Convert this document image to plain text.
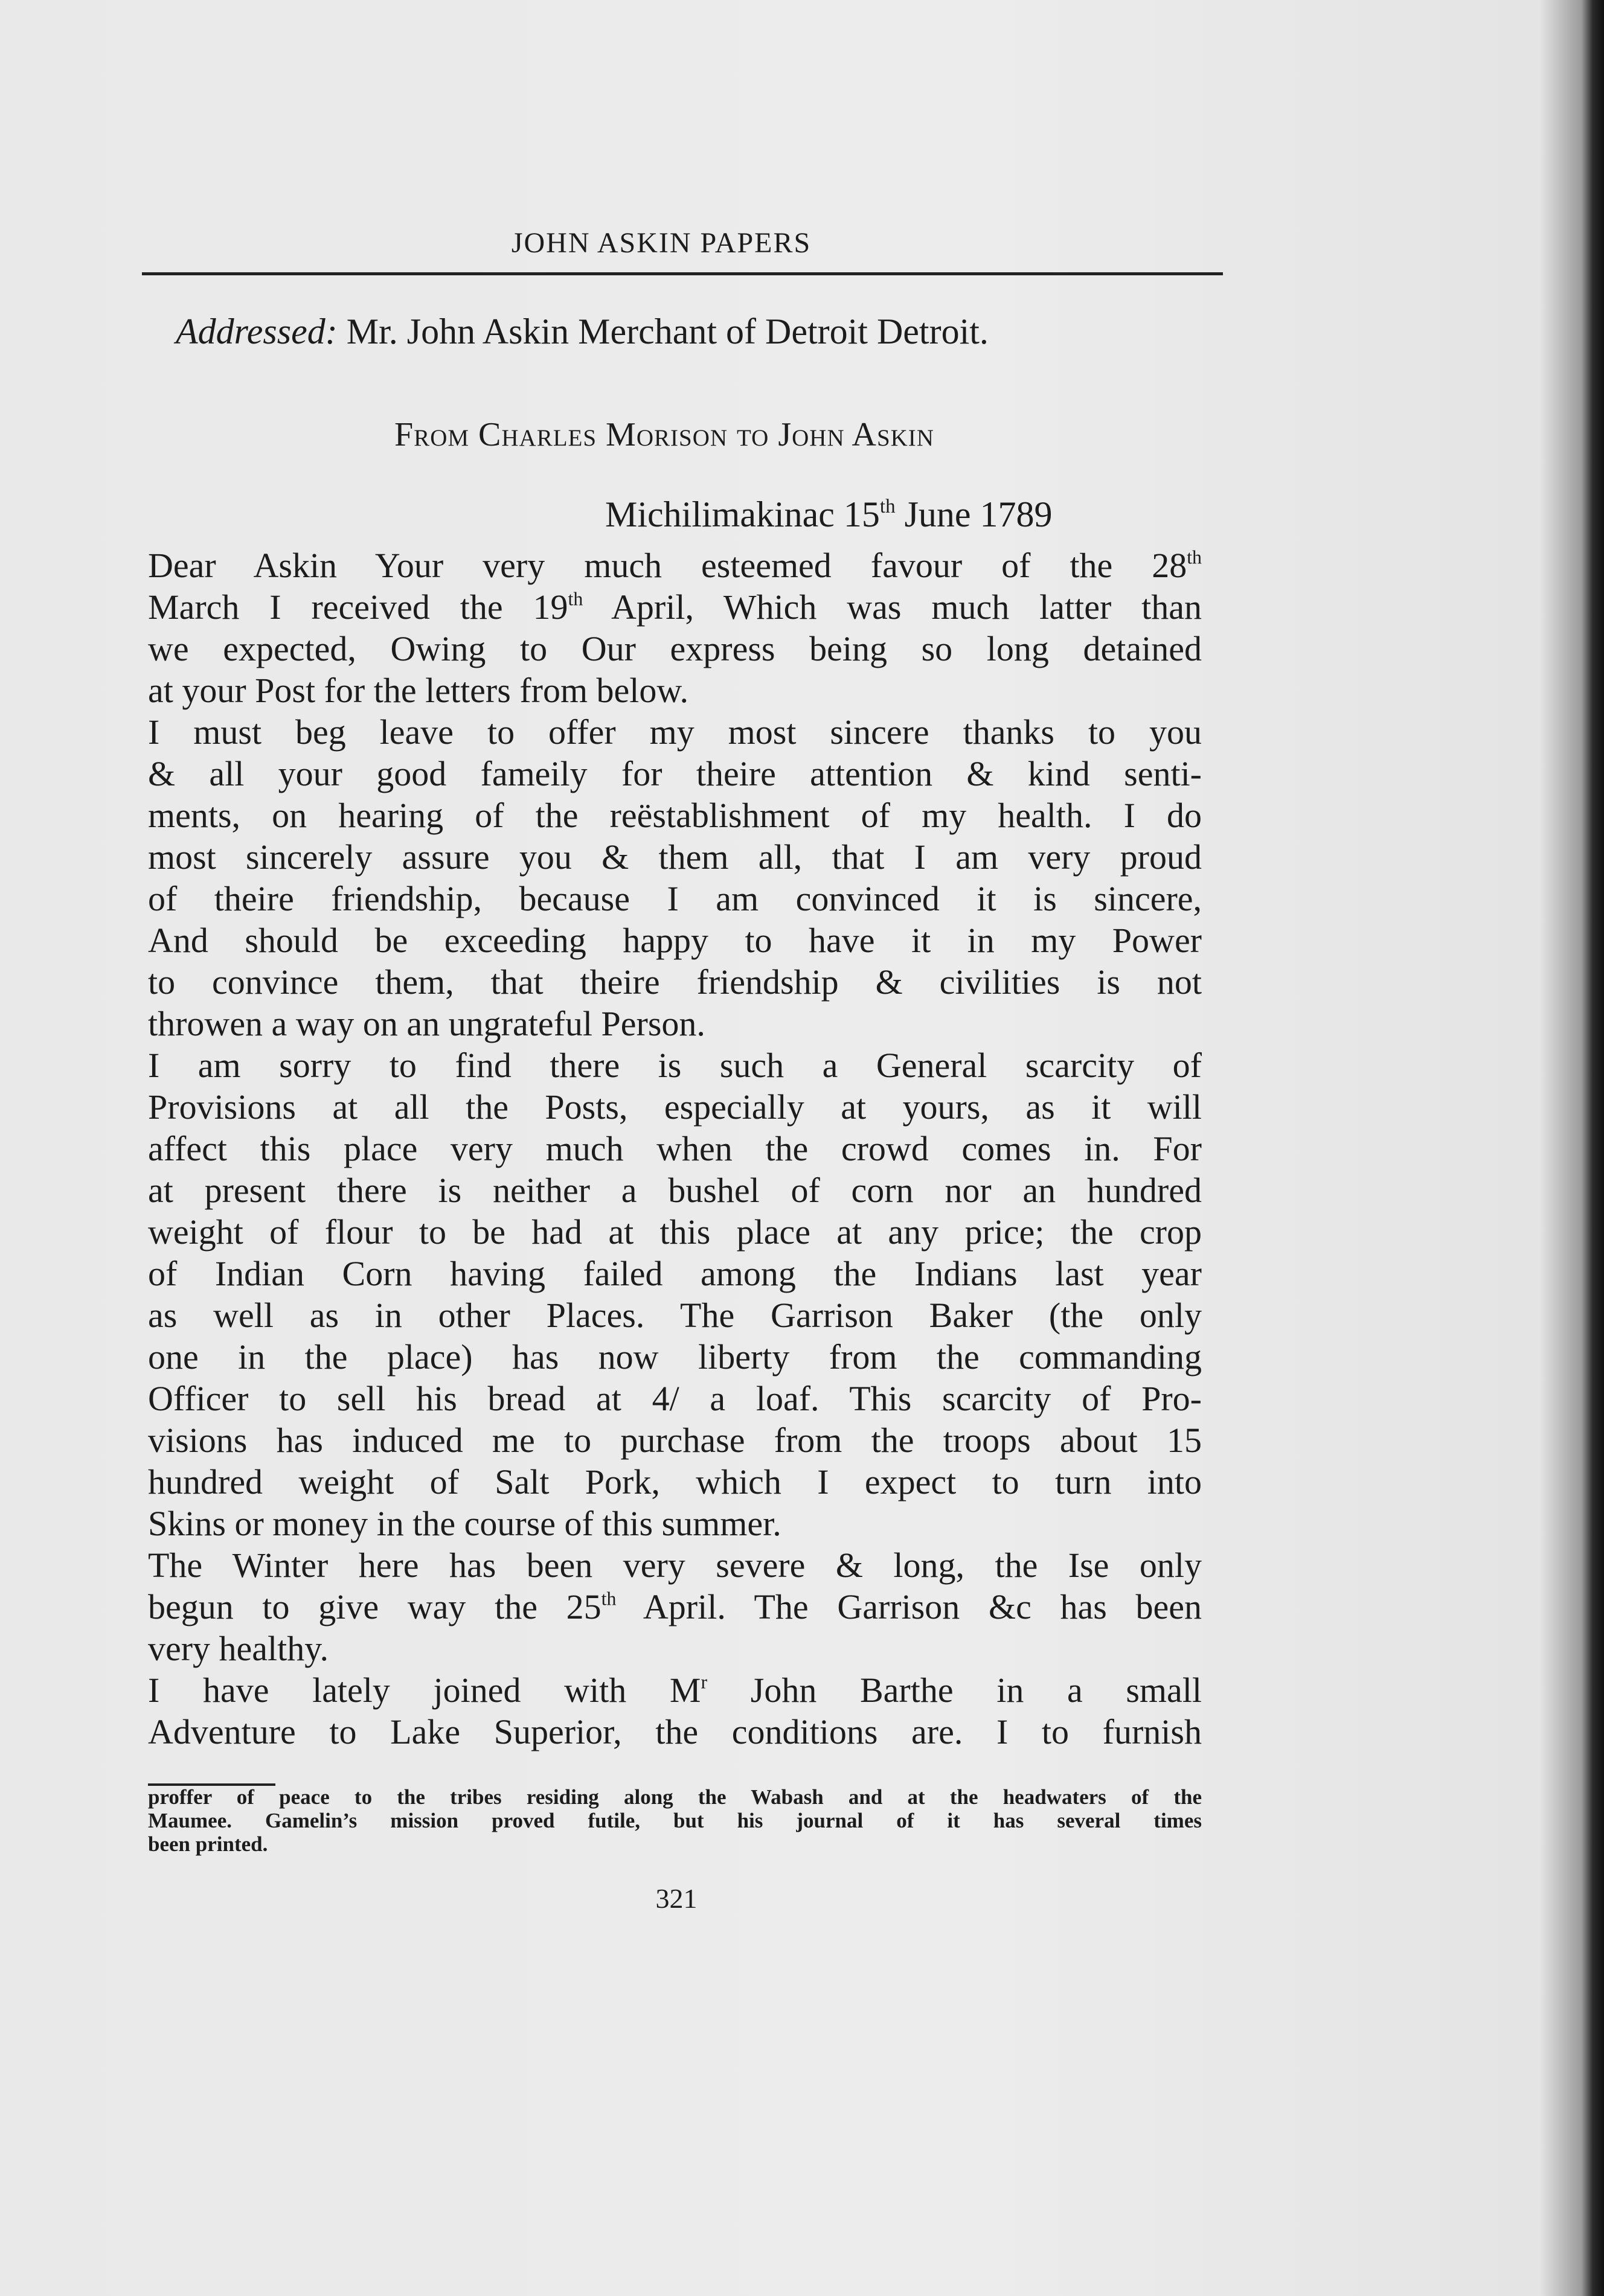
JOHN ASKIN PAPERS
Addressed: Mr. John Askin Merchant of Detroit Detroit.
From Charles Morison to John Askin
Michilimakinac 15th June 1789
Dear Askin Your very much esteemed favour of the 28th
March I received the 19th April, Which was much latter than
we expected, Owing to Our express being so long detained
at your Post for the letters from below.
I must beg leave to offer my most sincere thanks to you
& all your good fameily for theire attention & kind senti-
ments, on hearing of the reëstablishment of my health. I do
most sincerely assure you & them all, that I am very proud
of theire friendship, because I am convinced it is sincere,
And should be exceeding happy to have it in my Power
to convince them, that theire friendship & civilities is not
throwen a way on an ungrateful Person.
I am sorry to find there is such a General scarcity of
Provisions at all the Posts, especially at yours, as it will
affect this place very much when the crowd comes in. For
at present there is neither a bushel of corn nor an hundred
weight of flour to be had at this place at any price; the crop
of Indian Corn having failed among the Indians last year
as well as in other Places. The Garrison Baker (the only
one in the place) has now liberty from the commanding
Officer to sell his bread at 4/ a loaf. This scarcity of Pro-
visions has induced me to purchase from the troops about 15
hundred weight of Salt Pork, which I expect to turn into
Skins or money in the course of this summer.
The Winter here has been very severe & long, the Ise only
begun to give way the 25th April. The Garrison &c has been
very healthy.
I have lately joined with $M^r$ John Barthe in a small
Adventure to Lake Superior, the conditions are. I to furnish
proffer of peace to the tribes residing along the Wabash and at the headwaters of the
Maumee. Gamelin’s mission proved futile, but his journal of it has several times
been printed.
321
